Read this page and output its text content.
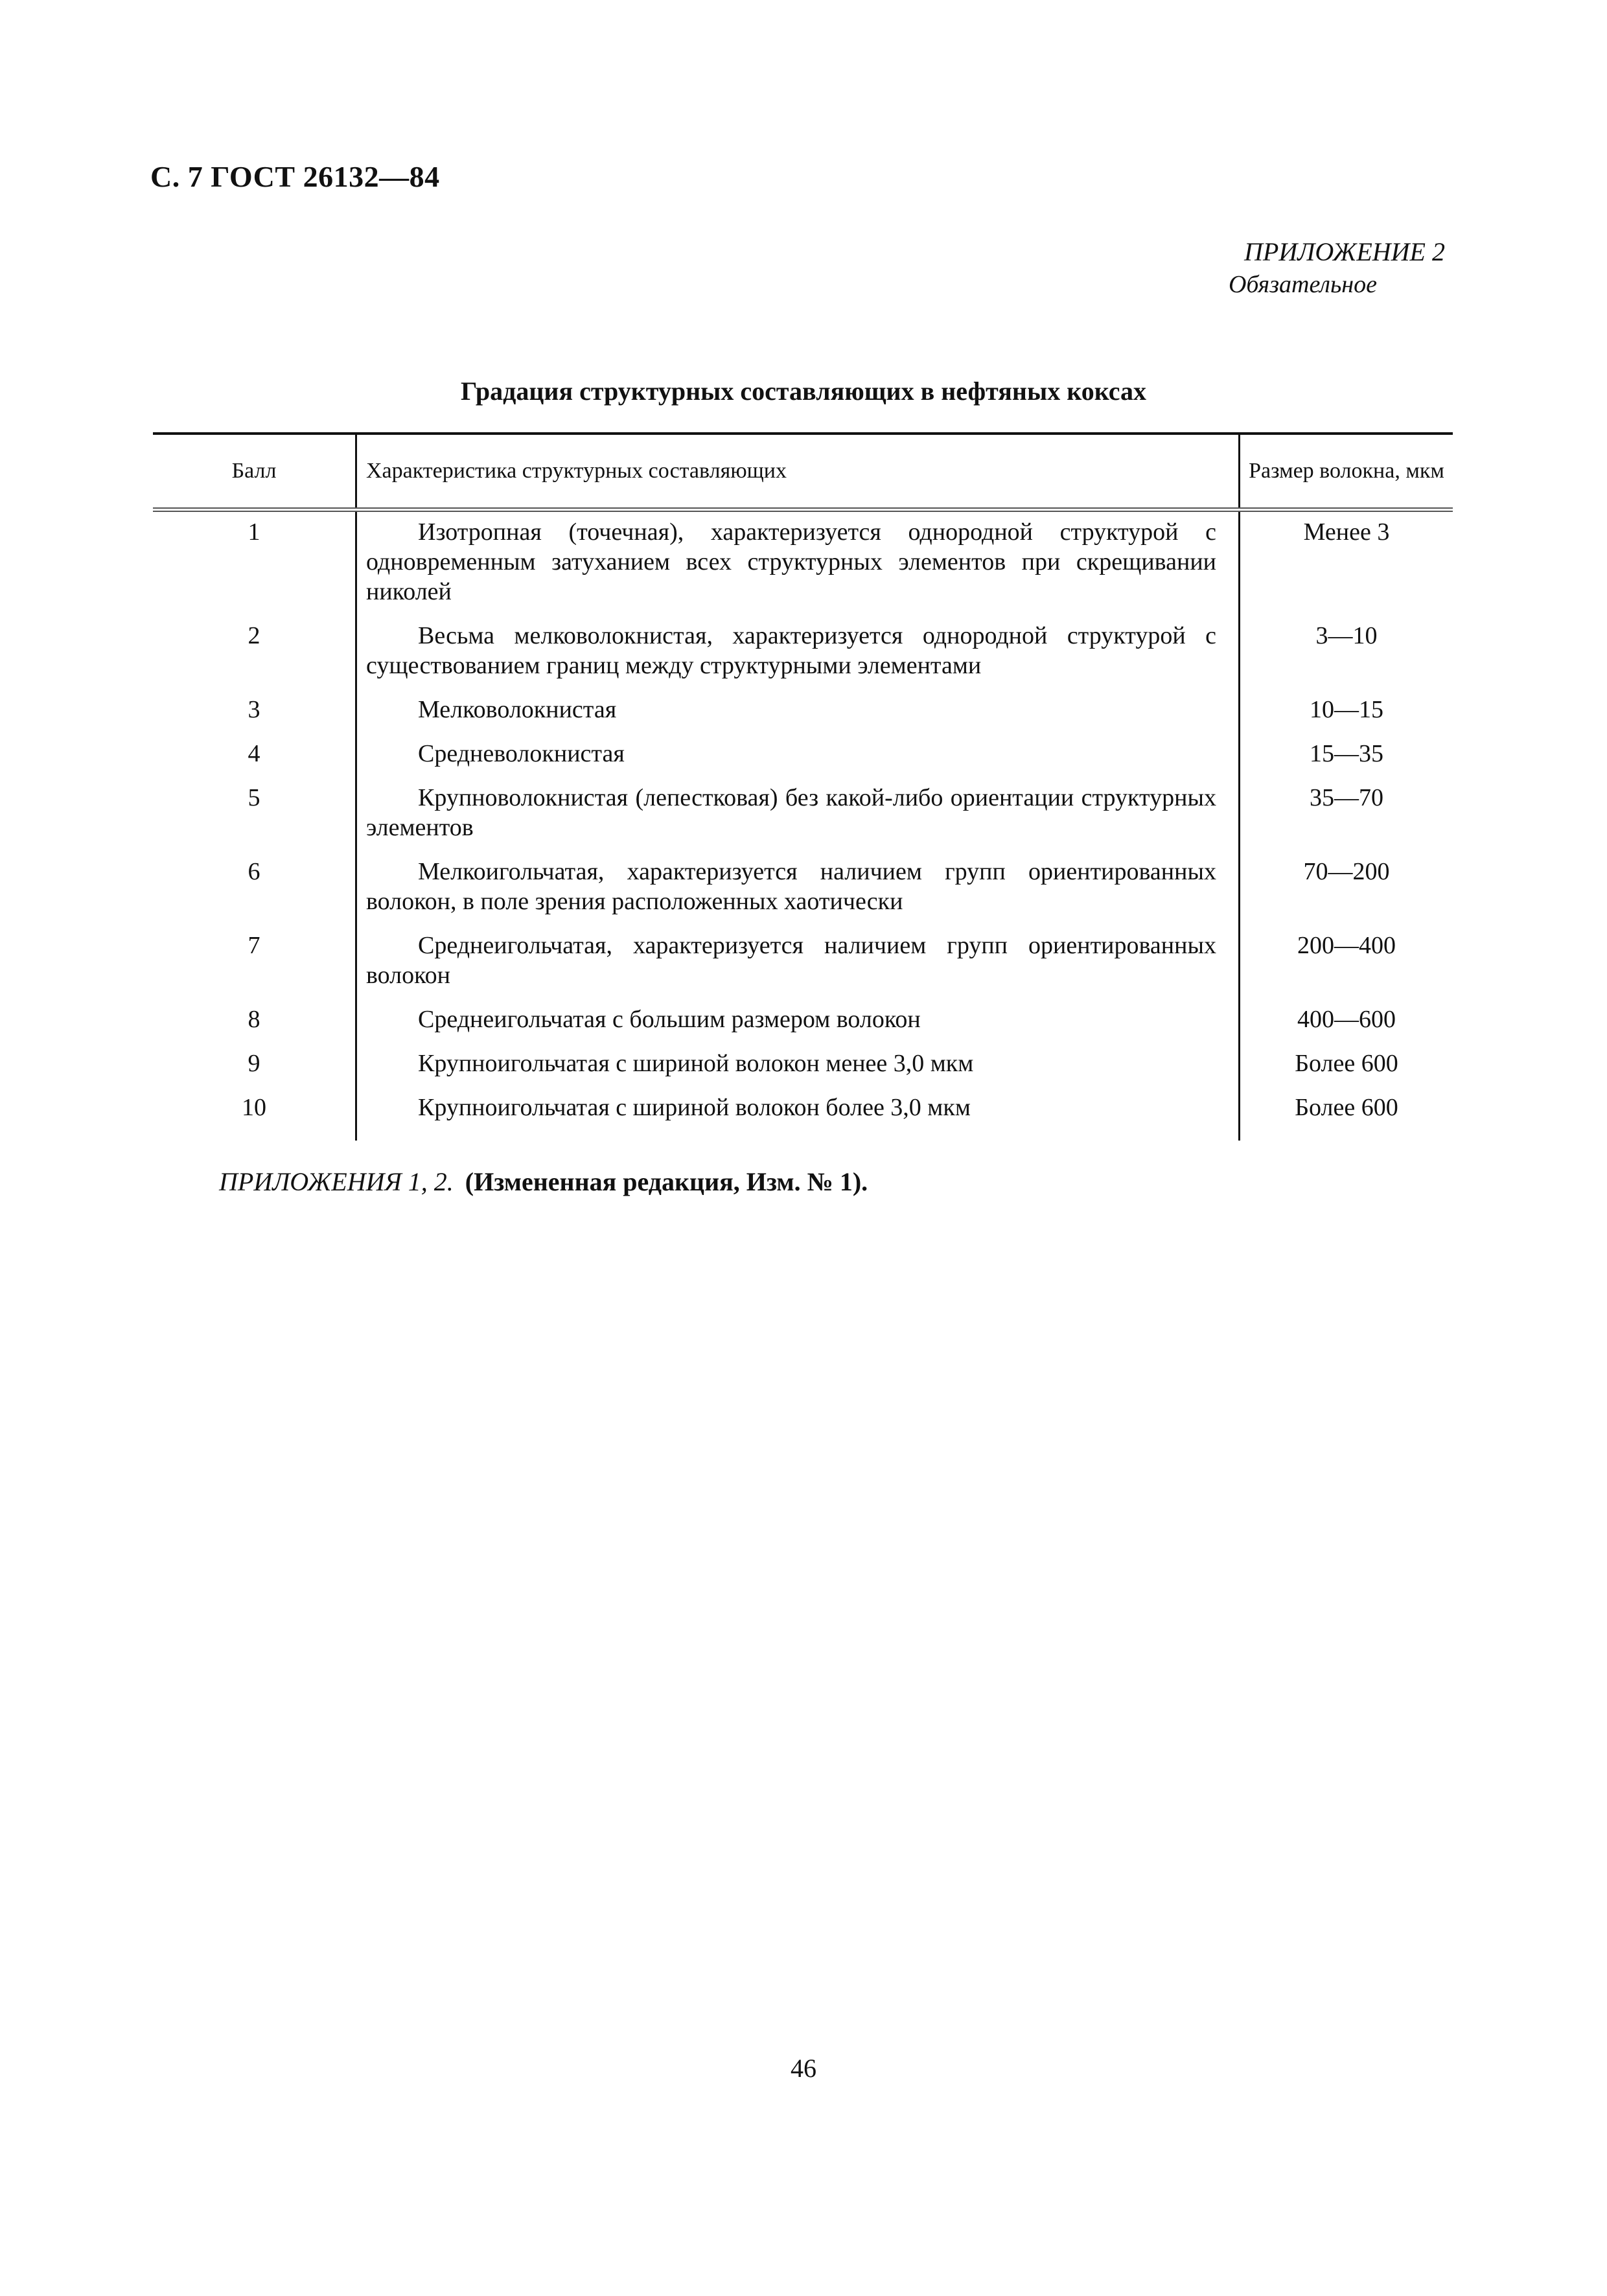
С. 7 ГОСТ 26132—84
ПРИЛОЖЕНИЕ 2
Обязательное
Градация структурных составляющих в нефтяных коксах
Балл	Характеристика структурных составляющих	Размер волокна, мкм
1	Изотропная (точечная), характеризуется однородной структурой с одновременным затуханием всех структурных элементов при скрещивании николей	Менее 3
2	Весьма мелковолокнистая, характеризуется однородной структурой с существованием границ между структурными элементами	3—10
3	Мелковолокнистая	10—15
4	Средневолокнистая	15—35
5	Крупноволокнистая (лепестковая) без какой-либо ориентации структурных элементов	35—70
6	Мелкоигольчатая, характеризуется наличием групп ориентированных волокон, в поле зрения расположенных хаотически	70—200
7	Среднеигольчатая, характеризуется наличием групп ориентированных волокон	200—400
8	Среднеигольчатая с большим размером волокон	400—600
9	Крупноигольчатая с шириной волокон менее 3,0 мкм	Более 600
10	Крупноигольчатая с шириной волокон более 3,0 мкм	Более 600
ПРИЛОЖЕНИЯ 1, 2. (Измененная редакция, Изм. № 1).
46
